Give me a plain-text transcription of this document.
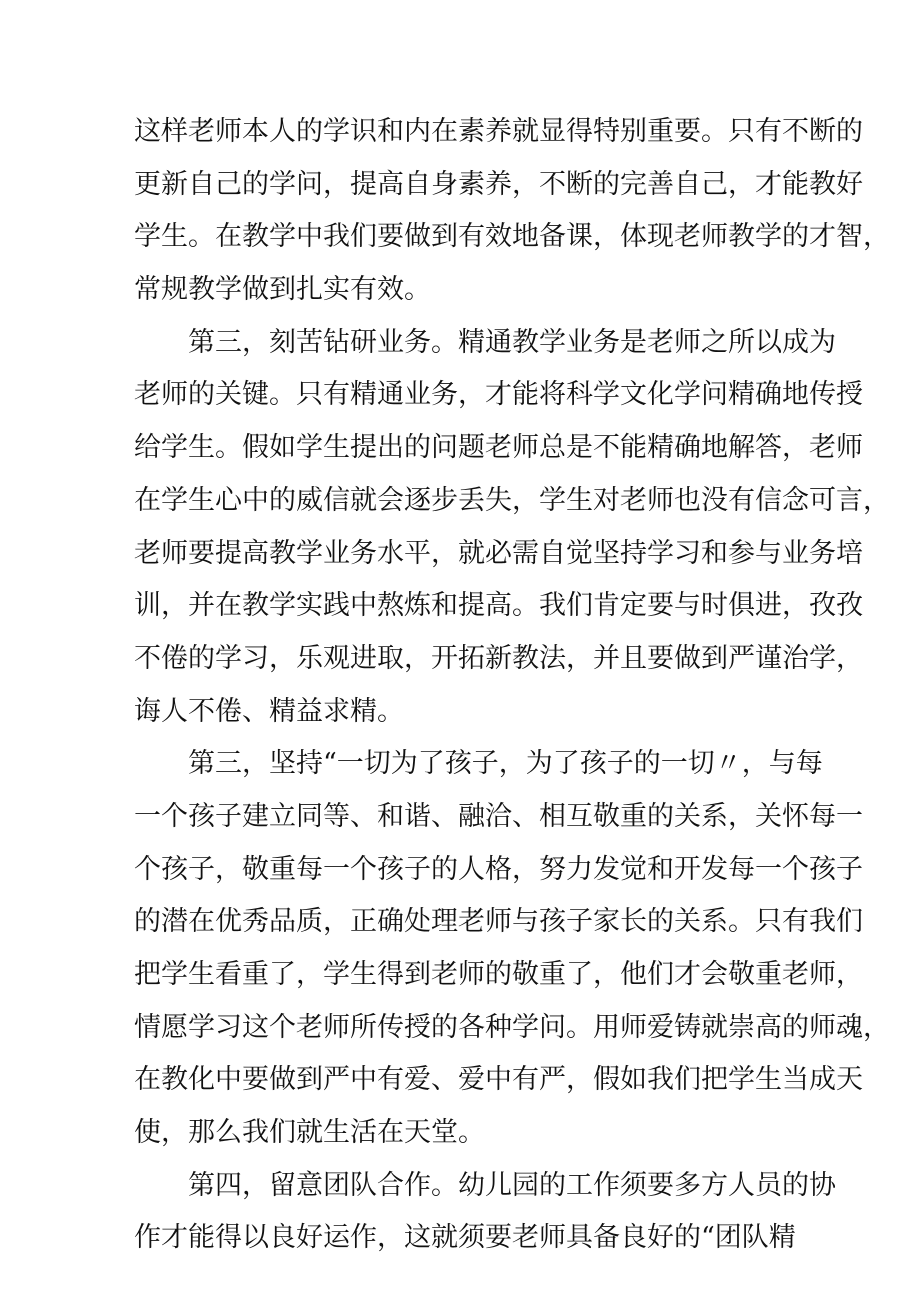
这样老师本人的学识和内在素养就显得特别重要。只有不断的
更新自己的学问，提高自身素养，不断的完善自己，才能教好
学生。在教学中我们要做到有效地备课，体现老师教学的才智，
常规教学做到扎实有效。
第三，刻苦钻研业务。精通教学业务是老师之所以成为
老师的关键。只有精通业务，才能将科学文化学问精确地传授
给学生。假如学生提出的问题老师总是不能精确地解答，老师
在学生心中的威信就会逐步丢失，学生对老师也没有信念可言，
老师要提高教学业务水平，就必需自觉坚持学习和参与业务培
训，并在教学实践中熬炼和提高。我们肯定要与时俱进，孜孜
不倦的学习，乐观进取，开拓新教法，并且要做到严谨治学，
诲人不倦、精益求精。
第三，坚持“一切为了孩子，为了孩子的一切〃，与每
一个孩子建立同等、和谐、融洽、相互敬重的关系，关怀每一
个孩子，敬重每一个孩子的人格，努力发觉和开发每一个孩子
的潜在优秀品质，正确处理老师与孩子家长的关系。只有我们
把学生看重了，学生得到老师的敬重了，他们才会敬重老师，
情愿学习这个老师所传授的各种学问。用师爱铸就崇高的师魂，
在教化中要做到严中有爱、爱中有严，假如我们把学生当成天
使，那么我们就生活在天堂。
第四，留意团队合作。幼儿园的工作须要多方人员的协
作才能得以良好运作，这就须要老师具备良好的“团队精
